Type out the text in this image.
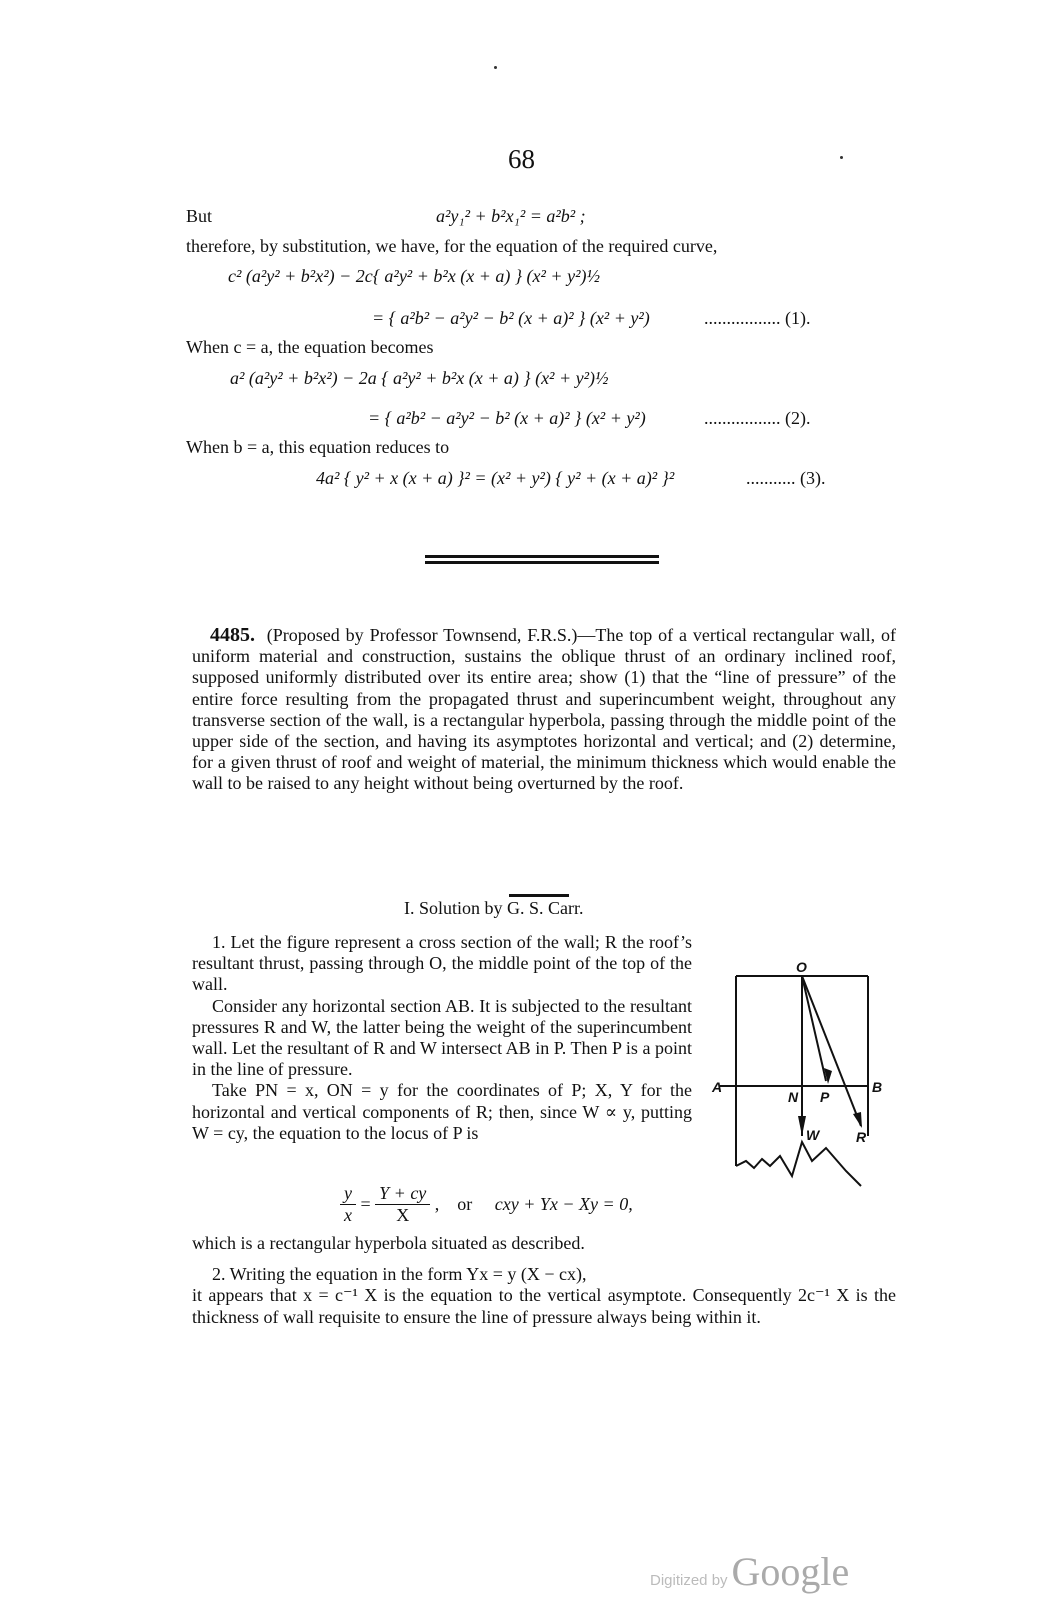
68
But	a²y₁² + b²x₁² = a²b² ;
therefore, by substitution, we have, for the equation of the required curve,
c² (a²y² + b²x²) − 2c{ a²y² + b²x (x + a) } (x² + y²)½
= { a²b² − a²y² − b² (x + a)² } (x² + y²)	................. (1).
When c = a, the equation becomes
a² (a²y² + b²x²) − 2a { a²y² + b²x (x + a) } (x² + y²)½
= { a²b² − a²y² − b² (x + a)² } (x² + y²)	................. (2).
When b = a, this equation reduces to
4a² { y² + x (x + a) }² = (x² + y²) { y² + (x + a)² }²	........... (3).

4485. (Proposed by Professor Townsend, F.R.S.)—The top of a vertical rectangular wall, of uniform material and construction, sustains the oblique thrust of an ordinary inclined roof, supposed uniformly distributed over its entire area; show (1) that the “line of pressure” of the entire force resulting from the propagated thrust and superincumbent weight, throughout any transverse section of the wall, is a rectangular hyperbola, passing through the middle point of the upper side of the section, and having its asymptotes horizontal and vertical; and (2) determine, for a given thrust of roof and weight of material, the minimum thickness which would enable the wall to be raised to any height without being overturned by the roof.

I. Solution by G. S. Carr.

1. Let the figure represent a cross section of the wall; R the roof’s resultant thrust, passing through O, the middle point of the top of the wall.

Consider any horizontal section AB. It is subjected to the resultant pressures R and W, the latter being the weight of the superincumbent wall. Let the resultant of R and W intersect AB in P. Then P is a point in the line of pressure.

Take PN = x, ON = y for the coordinates of P; X, Y for the horizontal and vertical components of R; then, since W ∝ y, putting W = cy, the equation to the locus of P is

$\frac{y}{x} = \frac{Y + cy}{X}$ ,    or cxy + Yx − Xy = 0,

which is a rectangular hyperbola situated as described.

2. Writing the equation in the form Yx = y (X − cx),

it appears that x = c⁻¹ X is the equation to the vertical asymptote. Consequently 2c⁻¹ X is the thickness of wall requisite to ensure the line of pressure always being within it.

O
A	B
N P
W	R
Digitized by Google
